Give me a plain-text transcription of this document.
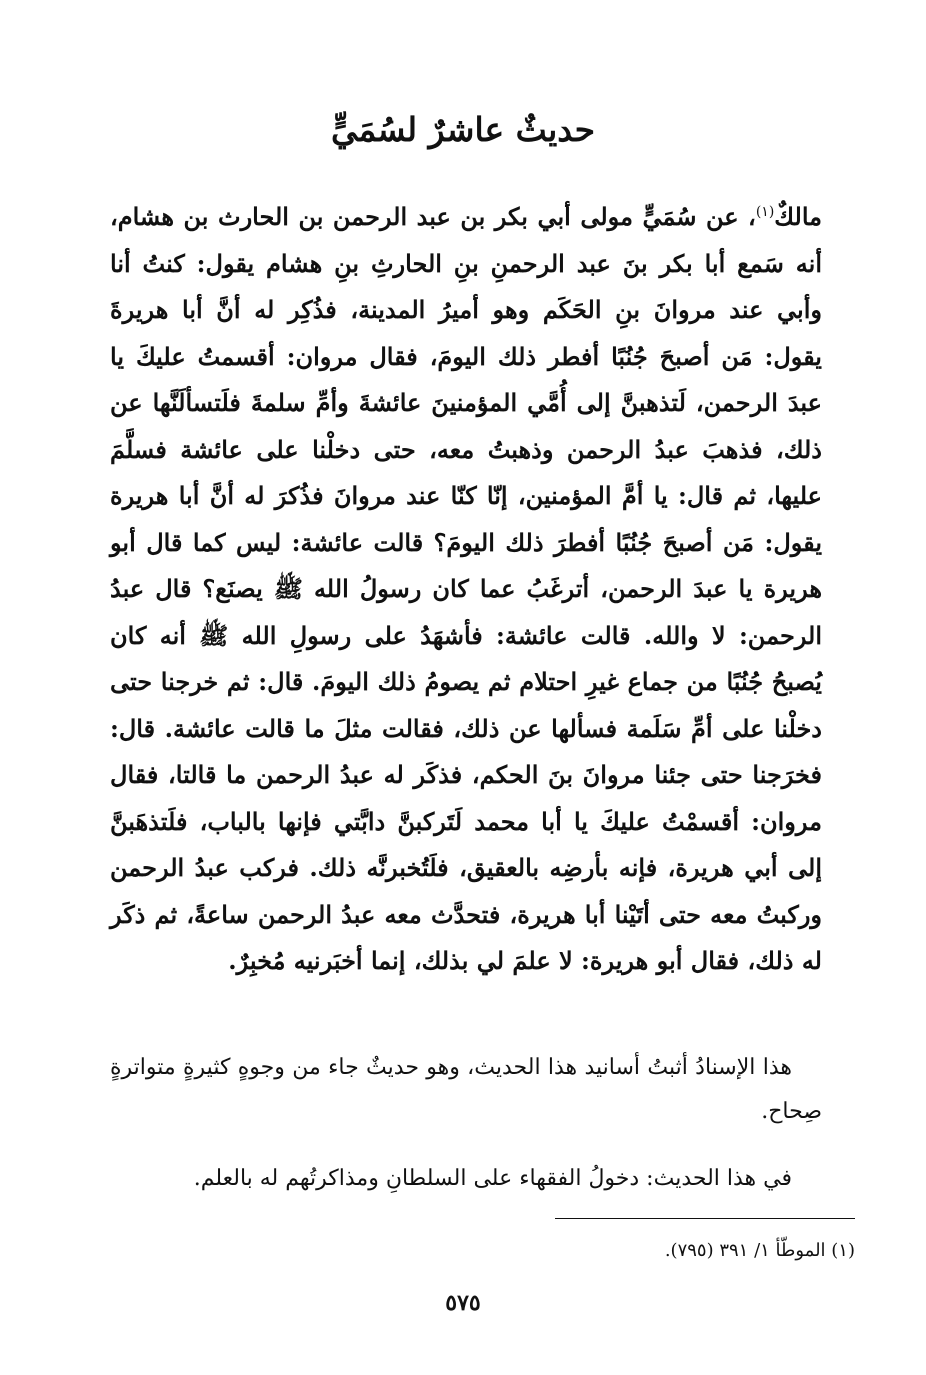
حديثٌ عاشرٌ لسُمَيٍّ

مالكٌ$^{(١)}$، عن سُمَيٍّ مولى أبي بكر بن عبد الرحمن بن الحارث بن هشام، أنه سَمع أبا بكر بنَ عبد الرحمنِ بنِ الحارثِ بنِ هشام يقول: كنتُ أنا وأبي عند مروانَ بنِ الحَكَم وهو أميرُ المدينة، فذُكِر له أنَّ أبا هريرةَ يقول: مَن أصبحَ جُنُبًا أفطر ذلك اليومَ، فقال مروان: أقسمتُ عليكَ يا عبدَ الرحمن، لَتذهبنَّ إلى أُمَّي المؤمنينَ عائشةَ وأمِّ سلمةَ فلَتسألَنَّها عن ذلك، فذهبَ عبدُ الرحمن وذهبتُ معه، حتى دخلْنا على عائشة فسلَّمَ عليها، ثم قال: يا أمَّ المؤمنين، إنّا كنّا عند مروانَ فذُكرَ له أنَّ أبا هريرة يقول: مَن أصبحَ جُنُبًا أفطرَ ذلك اليومَ؟ قالت عائشة: ليس كما قال أبو هريرة يا عبدَ الرحمن، أترغَبُ عما كان رسولُ الله ﷺ يصنَع؟ قال عبدُ الرحمن: لا والله. قالت عائشة: فأشهَدُ على رسولِ الله ﷺ أنه كان يُصبحُ جُنُبًا من جماع غيرِ احتلام ثم يصومُ ذلك اليومَ. قال: ثم خرجنا حتى دخلْنا على أمِّ سَلَمة فسألها عن ذلك، فقالت مثلَ ما قالت عائشة. قال: فخرَجنا حتى جئنا مروانَ بنَ الحكم، فذكَر له عبدُ الرحمن ما قالتا، فقال مروان: أقسمْتُ عليكَ يا أبا محمد لَتَركبنَّ دابَّتي فإنها بالباب، فلَتذهَبنَّ إلى أبي هريرة، فإنه بأرضِه بالعقيق، فلَتُخبرنَّه ذلك. فركب عبدُ الرحمن وركبتُ معه حتى أتَيْنا أبا هريرة، فتحدَّث معه عبدُ الرحمن ساعةً، ثم ذكَر له ذلك، فقال أبو هريرة: لا علمَ لي بذلك، إنما أخبَرنيه مُخبِرٌ.

هذا الإسنادُ أثبتُ أسانيد هذا الحديث، وهو حديثٌ جاء من وجوهٍ كثيرةٍ متواترةٍ صِحاح.

في هذا الحديث: دخولُ الفقهاء على السلطانِ ومذاكرتُهم له بالعلم.

(١) الموطّأ ١/ ٣٩١ (٧٩٥).

٥٧٥
